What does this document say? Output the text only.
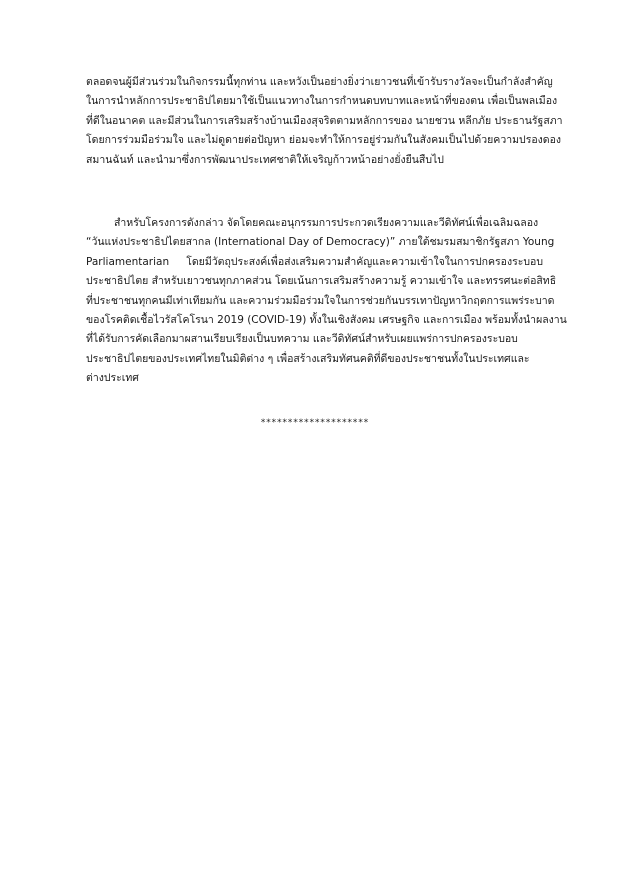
ตลอดจนผู้มีส่วนร่วมในกิจกรรมนี้ทุกท่าน และหวังเป็นอย่างยิ่งว่าเยาวชนที่เข้ารับรางวัลจะเป็นกำลังสำคัญ
ในการนำหลักการประชาธิปไตยมาใช้เป็นแนวทางในการกำหนดบทบาทและหน้าที่ของตน เพื่อเป็นพลเมือง
ที่ดีในอนาคต และมีส่วนในการเสริมสร้างบ้านเมืองสุจริตตามหลักการของ นายชวน หลีกภัย ประธานรัฐสภา
โดยการร่วมมือร่วมใจ และไม่ดูดายต่อปัญหา ย่อมจะทำให้การอยู่ร่วมกันในสังคมเป็นไปด้วยความปรองดอง
สมานฉันท์ และนำมาซึ่งการพัฒนาประเทศชาติให้เจริญก้าวหน้าอย่างยั่งยืนสืบไป
สำหรับโครงการดังกล่าว จัดโดยคณะอนุกรรมการประกวดเรียงความและวีดิทัศน์เพื่อเฉลิมฉลอง
“วันแห่งประชาธิปไตยสากล (International Day of Democracy)” ภายใต้ชมรมสมาชิกรัฐสภา Young
Parliamentarian โดยมีวัตถุประสงค์เพื่อส่งเสริมความสำคัญและความเข้าใจในการปกครองระบอบ
ประชาธิปไตย สำหรับเยาวชนทุกภาคส่วน โดยเน้นการเสริมสร้างความรู้ ความเข้าใจ และทรรศนะต่อสิทธิ
ที่ประชาชนทุกคนมีเท่าเทียมกัน และความร่วมมือร่วมใจในการช่วยกันบรรเทาปัญหาวิกฤตการแพร่ระบาด
ของโรคติดเชื้อไวรัสโคโรนา 2019 (COVID-19) ทั้งในเชิงสังคม เศรษฐกิจ และการเมือง พร้อมทั้งนำผลงาน
ที่ได้รับการคัดเลือกมาผสานเรียบเรียงเป็นบทความ และวีดิทัศน์สำหรับเผยแพร่การปกครองระบอบ
ประชาธิปไตยของประเทศไทยในมิติต่าง ๆ เพื่อสร้างเสริมทัศนคติที่ดีของประชาชนทั้งในประเทศและ
ต่างประเทศ
********************
